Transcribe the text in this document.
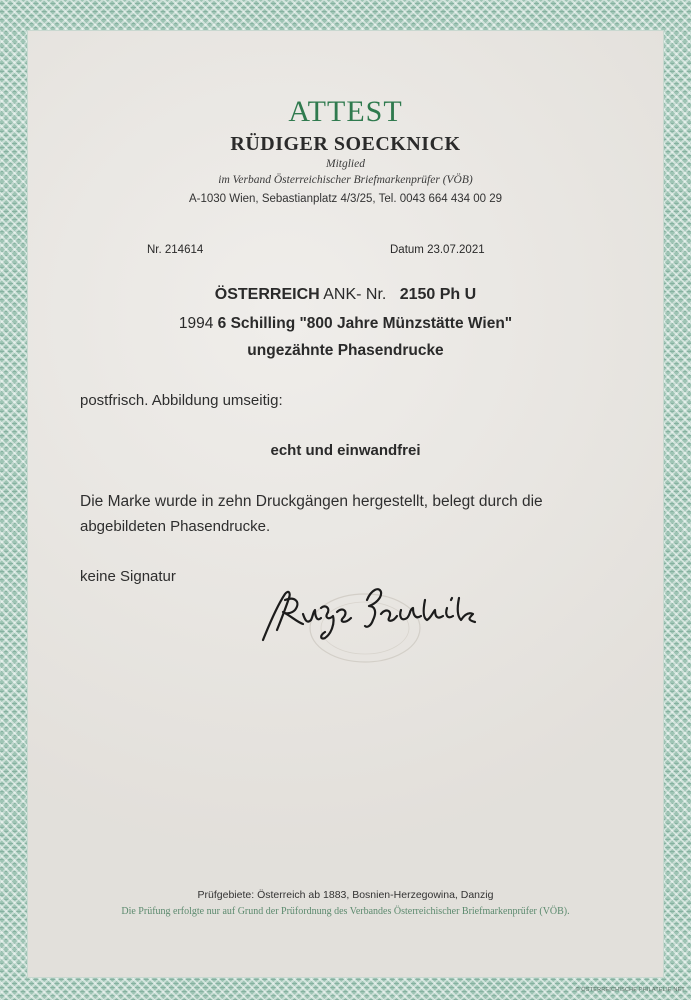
ATTEST
RÜDIGER SOECKNICK
Mitglied
im Verband Österreichischer Briefmarkenprüfer (VÖB)
A-1030 Wien, Sebastianplatz 4/3/25, Tel. 0043 664 434 00 29
Nr. 214614	Datum 23.07.2021
ÖSTERREICH ANK- Nr. 2150 Ph U
1994 6 Schilling "800 Jahre Münzstätte Wien"
ungezähnte Phasendrucke
postfrisch. Abbildung umseitig:
echt und einwandfrei
Die Marke wurde in zehn Druckgängen hergestellt, belegt durch die
abgebildeten Phasendrucke.
keine Signatur
Prüfgebiete: Österreich ab 1883, Bosnien-Herzegowina, Danzig
Die Prüfung erfolgte nur auf Grund der Prüfordnung des Verbandes Österreichischer Briefmarkenprüfer (VÖB).
© ÖSTERREICHISCHE PHILATELIE NET
